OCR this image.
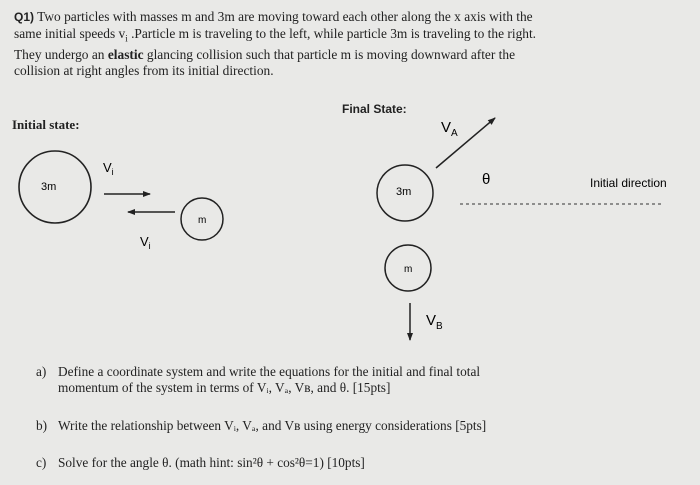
Q1) Two particles with masses m and 3m are moving toward each other along the x axis with the
same initial speeds $v_i$ .Particle m is traveling to the left, while particle 3m is traveling to the right.
They undergo an elastic glancing collision such that particle m is moving downward after the
collision at right angles from its initial direction.
Initial state:
Final State:
3m
$V_i$
$V_i$
m
3m
$V_A$
θ	Initial direction
m
$V_B$
a) Define a coordinate system and write the equations for the initial and final total
momentum of the system in terms of Vᵢ, Vₐ, Vʙ, and θ. [15pts]
b) Write the relationship between Vᵢ, Vₐ, and Vʙ using energy considerations [5pts]
c) Solve for the angle θ. (math hint: sin²θ + cos²θ=1) [10pts]
